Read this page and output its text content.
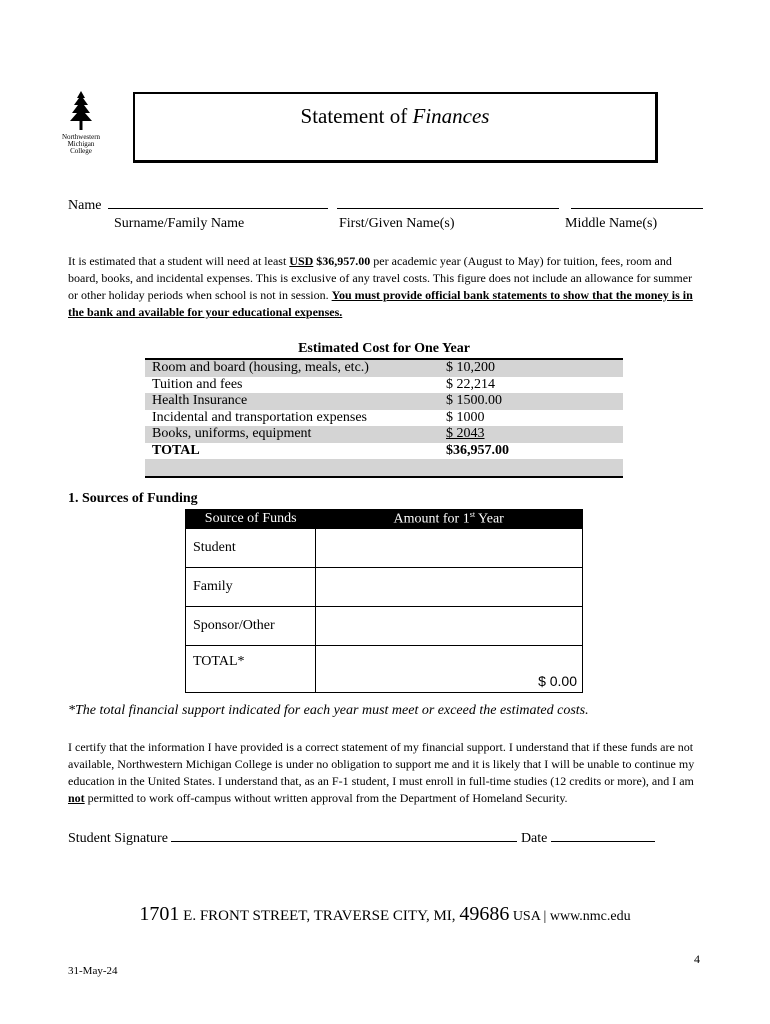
Northwestern
Michigan
College
Statement of Finances
Name
Surname/Family Name	First/Given Name(s)	Middle Name(s)
It is estimated that a student will need at least USD $36,957.00 per academic year (August to May) for tuition, fees, room and board, books, and incidental expenses. This is exclusive of any travel costs. This figure does not include an allowance for summer or other holiday periods when school is not in session. You must provide official bank statements to show that the money is in the bank and available for your educational expenses.
Estimated Cost for One Year
Room and board (housing, meals, etc.)	$ 10,200
Tuition and fees	$ 22,214
Health Insurance	$ 1500.00
Incidental and transportation expenses	$ 1000
Books, uniforms, equipment	$ 2043
TOTAL	$36,957.00
1. Sources of Funding
Source of Funds	Amount for 1st Year
Student	
Family	
Sponsor/Other	
TOTAL*	$ 0.00
*The total financial support indicated for each year must meet or exceed the estimated costs.
I certify that the information I have provided is a correct statement of my financial support. I understand that if these funds are not available, Northwestern Michigan College is under no obligation to support me and it is likely that I will be unable to continue my education in the United States. I understand that, as an F-1 student, I must enroll in full-time studies (12 credits or more), and I am not permitted to work off-campus without written approval from the Department of Homeland Security.
Student Signature	Date
1701 E. FRONT STREET, TRAVERSE CITY, MI, 49686 USA | www.nmc.edu
4
31-May-24
